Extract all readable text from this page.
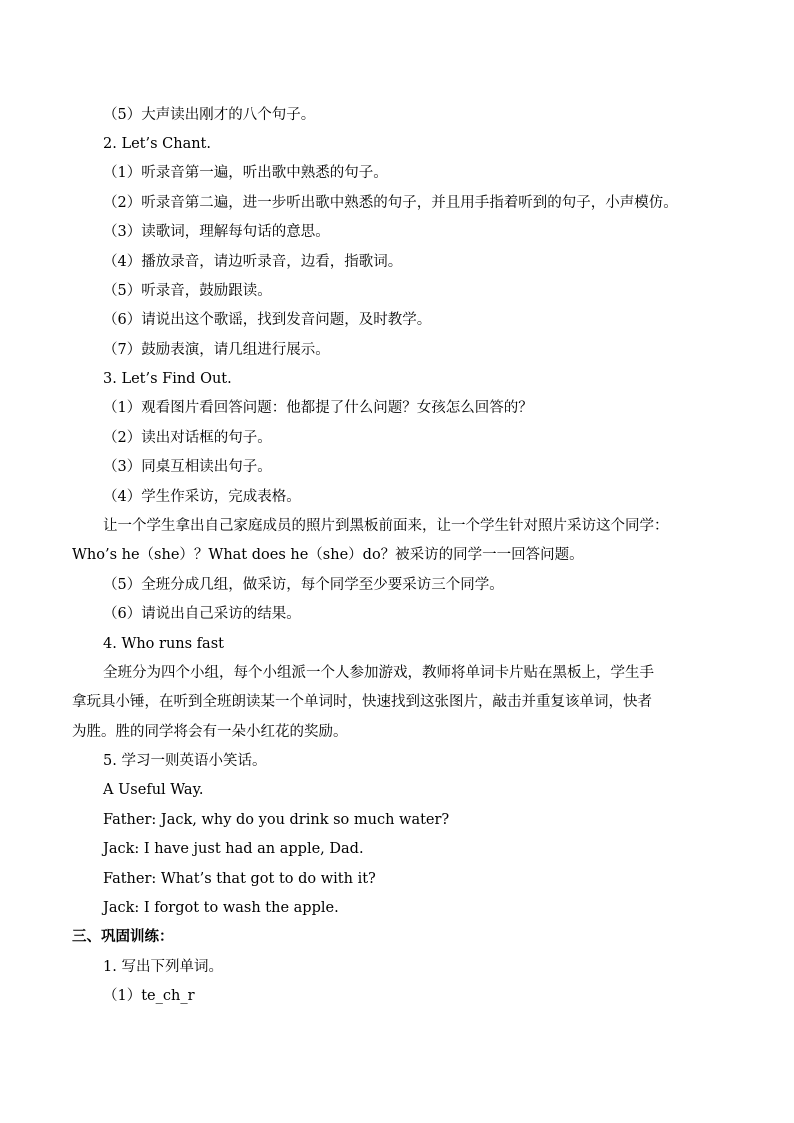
（5）大声读出刚才的八个句子。
2. Let’s Chant.
（1）听录音第一遍，听出歌中熟悉的句子。
（2）听录音第二遍，进一步听出歌中熟悉的句子，并且用手指着听到的句子，小声模仿。
（3）读歌词，理解每句话的意思。
（4）播放录音，请边听录音，边看，指歌词。
（5）听录音，鼓励跟读。
（6）请说出这个歌谣，找到发音问题，及时教学。
（7）鼓励表演，请几组进行展示。
3. Let’s Find Out.
（1）观看图片看回答问题：他都提了什么问题？女孩怎么回答的？
（2）读出对话框的句子。
（3）同桌互相读出句子。
（4）学生作采访，完成表格。
让一个学生拿出自己家庭成员的照片到黑板前面来，让一个学生针对照片采访这个同学：
Who’s he（she）？What does he（she）do？被采访的同学一一回答问题。
（5）全班分成几组，做采访，每个同学至少要采访三个同学。
（6）请说出自己采访的结果。
4. Who runs fast
全班分为四个小组，每个小组派一个人参加游戏，教师将单词卡片贴在黑板上，学生手
拿玩具小锤，在听到全班朗读某一个单词时，快速找到这张图片，敲击并重复该单词，快者
为胜。胜的同学将会有一朵小红花的奖励。
5. 学习一则英语小笑话。
A Useful Way.
Father: Jack, why do you drink so much water?
Jack: I have just had an apple, Dad.
Father: What’s that got to do with it?
Jack: I forgot to wash the apple.
三、巩固训练：
1. 写出下列单词。
（1）te_ch_r
